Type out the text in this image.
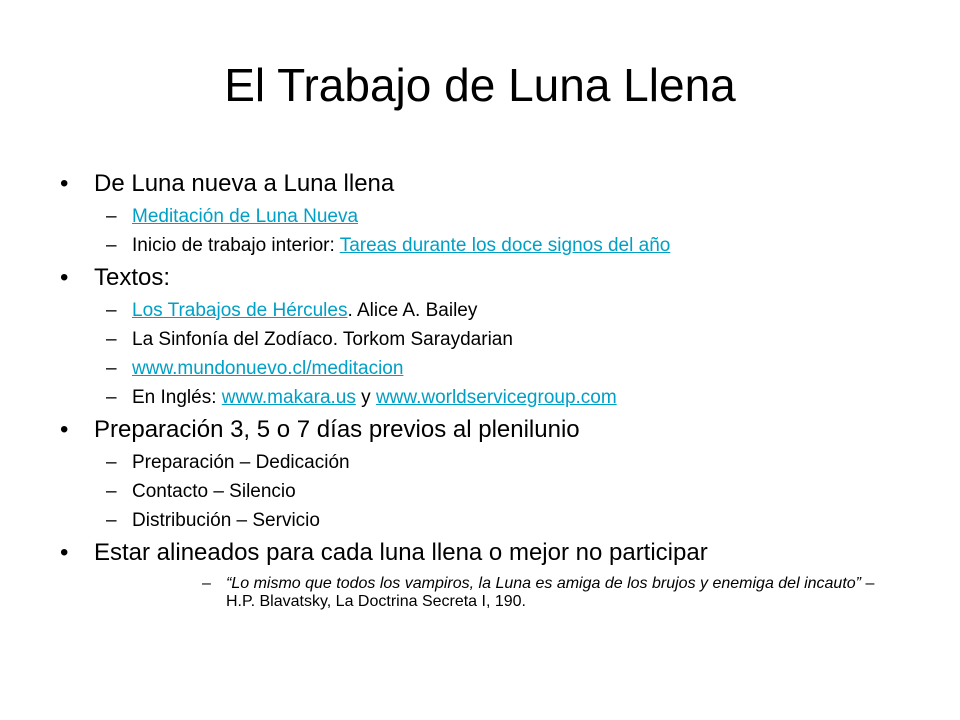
El Trabajo de Luna Llena
• De Luna nueva a Luna llena
– Meditación de Luna Nueva
– Inicio de trabajo interior: Tareas durante los doce signos del año
• Textos:
– Los Trabajos de Hércules. Alice A. Bailey
– La Sinfonía del Zodíaco. Torkom Saraydarian
– www.mundonuevo.cl/meditacion
– En Inglés: www.makara.us y www.worldservicegroup.com
• Preparación 3, 5 o 7 días previos al plenilunio
– Preparación – Dedicación
– Contacto – Silencio
– Distribución – Servicio
• Estar alineados para cada luna llena o mejor no participar
– “Lo mismo que todos los vampiros, la Luna es amiga de los brujos y enemiga del incauto” – H.P. Blavatsky, La Doctrina Secreta I, 190.
